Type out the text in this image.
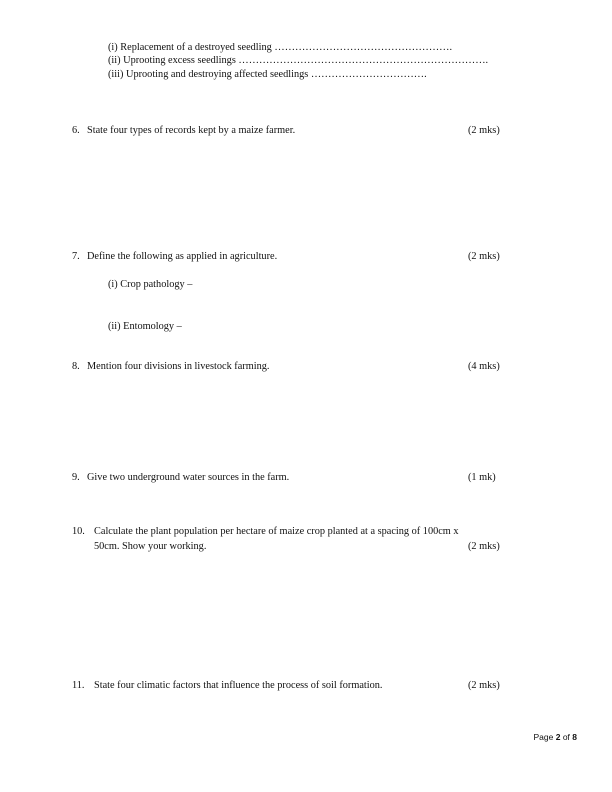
(i) Replacement of a destroyed seedling …………………………………………….
(ii) Uprooting excess seedlings ……………………………………………………………….
(iii) Uprooting and destroying affected seedlings …………………………….
6. State four types of records kept by a maize farmer.	(2 mks)
7. Define the following as applied in agriculture.	(2 mks)
(i) Crop pathology –
(ii) Entomology –
8. Mention four divisions in livestock farming.	(4 mks)
9. Give two underground water sources in the farm.	(1 mk)
10. Calculate the plant population per hectare of maize crop planted at a spacing of 100cm x
50cm. Show your working.	(2 mks)
11. State four climatic factors that influence the process of soil formation.	(2 mks)
Page 2 of 8
